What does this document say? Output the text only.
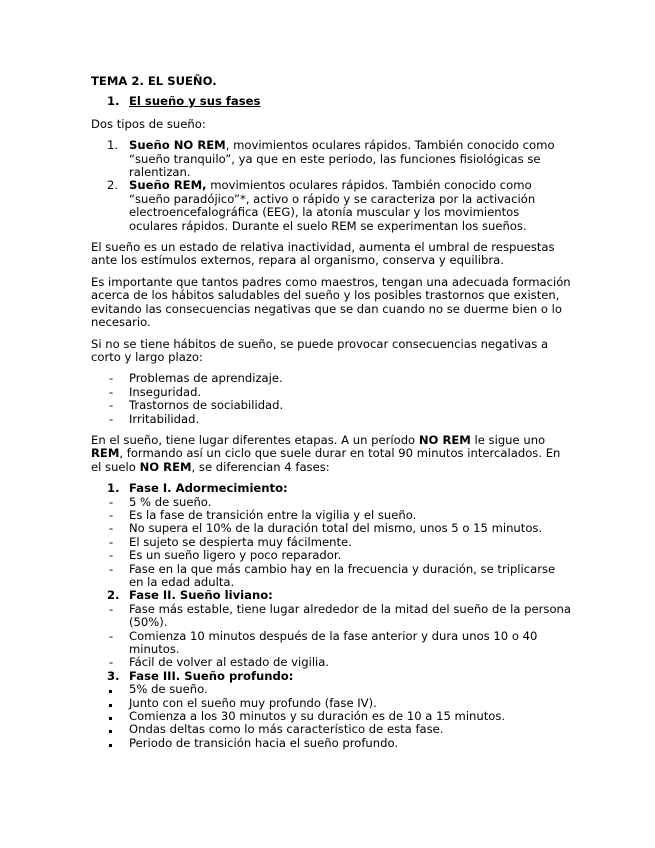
TEMA 2. EL SUEÑO.
1. El sueño y sus fases

Dos tipos de sueño:

1. Sueño NO REM, movimientos oculares rápidos. También conocido como “sueño tranquilo”, ya que en este periodo, las funciones fisiológicas se ralentizan.
2. Sueño REM, movimientos oculares rápidos. También conocido como “sueño paradójico”*, activo o rápido y se caracteriza por la activación electroencefalográfica (EEG), la atonía muscular y los movimientos oculares rápidos. Durante el suelo REM se experimentan los sueños.

El sueño es un estado de relativa inactividad, aumenta el umbral de respuestas ante los estímulos externos, repara al organismo, conserva y equilibra.

Es importante que tantos padres como maestros, tengan una adecuada formación acerca de los hábitos saludables del sueño y los posibles trastornos que existen, evitando las consecuencias negativas que se dan cuando no se duerme bien o lo necesario.

Si no se tiene hábitos de sueño, se puede provocar consecuencias negativas a corto y largo plazo:

-	Problemas de aprendizaje.
-	Inseguridad.
-	Trastornos de sociabilidad.
-	Irritabilidad.

En el sueño, tiene lugar diferentes etapas. A un período NO REM le sigue uno REM, formando así un ciclo que suele durar en total 90 minutos intercalados. En el suelo NO REM, se diferencian 4 fases:

1. Fase I. Adormecimiento:
-	5 % de sueño.
-	Es la fase de transición entre la vigilia y el sueño.
-	No supera el 10% de la duración total del mismo, unos 5 o 15 minutos.
-	El sujeto se despierta muy fácilmente.
-	Es un sueño ligero y poco reparador.
-	Fase en la que más cambio hay en la frecuencia y duración, se triplicarse en la edad adulta.
2. Fase II. Sueño liviano:
-	Fase más estable, tiene lugar alrededor de la mitad del sueño de la persona (50%).
-	Comienza 10 minutos después de la fase anterior y dura unos 10 o 40 minutos.
-	Fácil de volver al estado de vigilia.
3. Fase III. Sueño profundo:
5% de sueño.
Junto con el sueño muy profundo (fase IV).
Comienza a los 30 minutos y su duración es de 10 a 15 minutos.
Ondas deltas como lo más característico de esta fase.
Periodo de transición hacia el sueño profundo.
